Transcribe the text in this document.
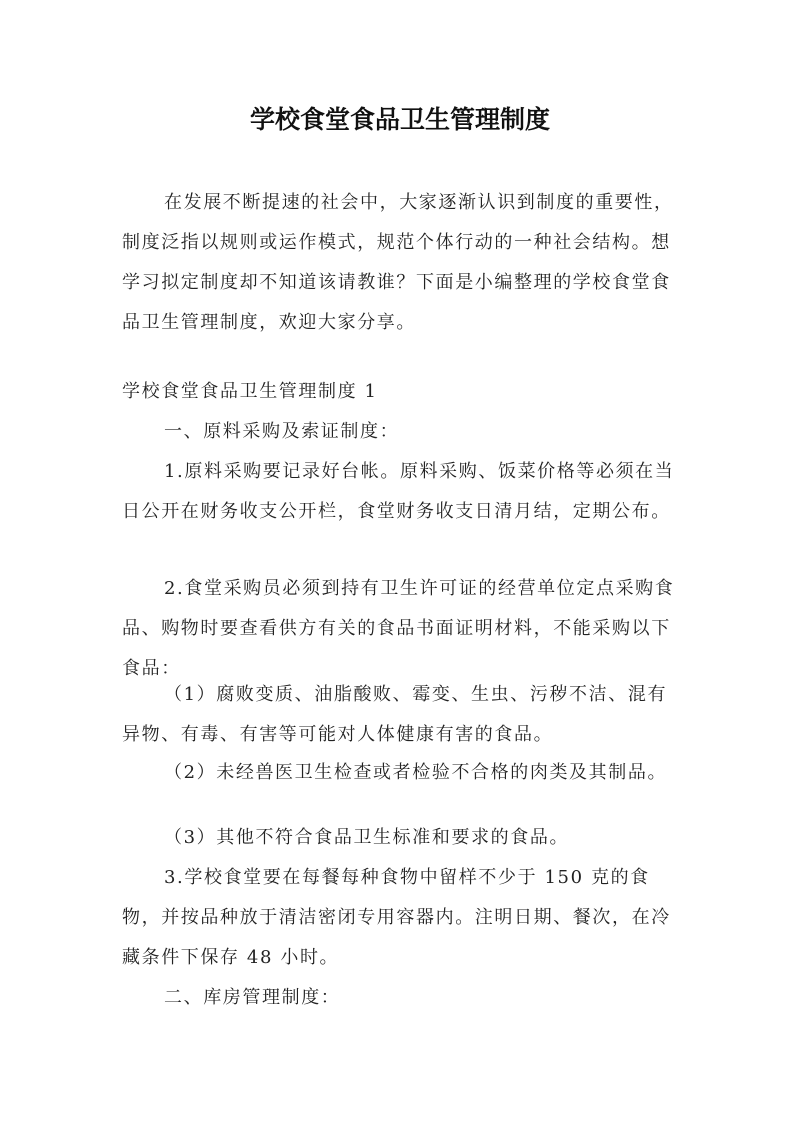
学校食堂食品卫生管理制度

在发展不断提速的社会中，大家逐渐认识到制度的重要性，制度泛指以规则或运作模式，规范个体行动的一种社会结构。想学习拟定制度却不知道该请教谁？下面是小编整理的学校食堂食品卫生管理制度，欢迎大家分享。

学校食堂食品卫生管理制度 1

一、原料采购及索证制度：

1.原料采购要记录好台帐。原料采购、饭菜价格等必须在当日公开在财务收支公开栏，食堂财务收支日清月结，定期公布。

2.食堂采购员必须到持有卫生许可证的经营单位定点采购食品、购物时要查看供方有关的食品书面证明材料，不能采购以下食品：

（1）腐败变质、油脂酸败、霉变、生虫、污秽不洁、混有异物、有毒、有害等可能对人体健康有害的食品。

（2）未经兽医卫生检查或者检验不合格的肉类及其制品。

（3）其他不符合食品卫生标准和要求的食品。

3.学校食堂要在每餐每种食物中留样不少于 150 克的食物，并按品种放于清洁密闭专用容器内。注明日期、餐次，在冷藏条件下保存 48 小时。

二、库房管理制度：
